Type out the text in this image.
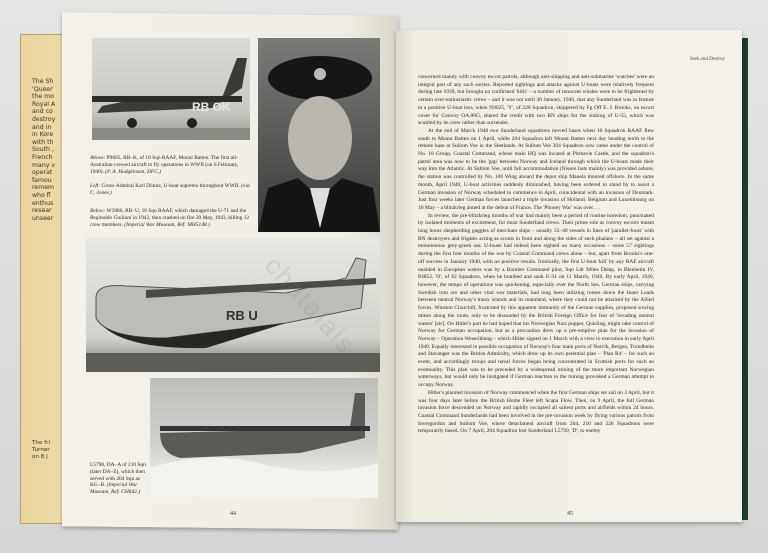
The Sh
'Queer
the mo
Royal A
and co
destroy
and in
in Kore
with th
South ,
French
many v
operat
famou
remem
who fl
enthus
resear
unseer
The fri
Turner
on 8 J
RB OK
Above: P9605, RB–K, of 10 Sqn RAAF, Mount Batten. The first all-Australian-crewed aircraft to fly operations in WWII (on 6 February, 1940). (F. A. Hodgkinson, DFC.)
Left: Gross-Admiral Karl Dönitz, U-boat supremo throughout WWII. (via C. Jones.)
Below: W3986, RB–U, 10 Sqn RAAF, which damaged the U-71 and the Reginaldo Guiliani in 1942, then crashed on fire 20 May, 1943, killing 12 crew members. (Imperial War Museum, Ref: MH5148.)
RB U
L5798, DA–A of 210 Sqn (later DA–Z), which then served with 204 Sqn as KG–B. (Imperial War Museum, Ref: CH842.)
44
Seek and Destroy

concerned mainly with convoy escort patrols, although anti-shipping and anti-submarine 'watches' were an integral part of any such sorties. Reported sightings and attacks against U-boats were relatively frequent during late 1939, but brought no confirmed 'kills' – a number of innocent whales were to be frightened by certain over-enthusiastic crews – and it was not until 30 January, 1940, that any Sunderland was to feature in a positive U-boat loss, when N9025, 'Y', of 228 Squadron, skippered by Fg Off E. J. Brooks, on escort cover for Convoy OA.80G, shared the credit with two RN ships for the sinking of U-55, which was scuttled by its crew rather than surrender.

At the end of March 1940 two Sunderland squadrons moved bases when 10 Squadron RAAF flew south to Mount Batten on 1 April, while 204 Squadron left Mount Batten next day heading north to the remote base at Sullom Voe in the Shetlands. At Sullom Voe 204 Squadron now came under the control of No. 18 Group, Coastal Command, whose main HQ was located at Pitreavie Castle, and the squadron's patrol area was now to be the 'gap' between Norway and Iceland through which the U-boats made their way into the Atlantic. At Sullom Voe, until full accommodation (Nissen huts mainly) was provided ashore, the station was controlled by No. 100 Wing aboard the depot ship Manela moored offshore. In the same month, April 1940, U-boat activities suddenly diminished, having been ordered to stand by to assist a German invasion of Norway scheduled to commence in April, coincidental with an invasion of Denmark. Just four weeks later German forces launched a triple invasion of Holland, Belgium and Luxembourg on 10 May – a blitzkrieg aimed at the defeat of France. The 'Phoney War' was over. . .

In review, the pre-blitzkrieg months of war had mainly been a period of routine boredom, punctuated by isolated moments of excitement, for most Sunderland crews. Their prime role as convoy escorts meant long hours shepherding gaggles of merchant ships – usually 35–40 vessels in lines of 'parallel-fours' with RN destroyers and frigates acting as scouts in front and along the sides of each phalanx – all set against a monotonous grey-green sea. U-boats had indeed been sighted on many occasions – some 57 sightings during the first four months of the war by Coastal Command crews alone – but, apart from Brooks's one-off success in January 1940, with no positive results. Ironically, the first U-boat 'kill' by any RAF aircraft unaided in European waters was by a Bomber Command pilot, Sqn Ldr Miles Delap, in Blenheim IV, P4852, 'O', of 82 Squadron, when he bombed and sank U-31 on 11 March, 1940. By early April, 1940, however, the tempo of operations was quickening, especially over the North Sea. German ships, carrying Swedish iron ore and other vital war materials, had long been utilizing routes down the Inner Leads between neutral Norway's many islands and its mainland, where they could not be attacked by the Allied forces. Winston Churchill, frustrated by this apparent immunity of the German supplies, proposed sowing mines along the route, only to be dissuaded by the British Foreign Office for fear of 'invading neutral waters' [sic]. On Hitler's part he had hoped that his Norwegian Nazi puppet, Quisling, might take control of Norway for German occupation, but as a precaution drew up a pre-emptive plan for the invasion of Norway – Operation Weserübung – which Hitler signed on 1 March with a view to execution in early April 1940. Equally interested in possible occupation of Norway's four main ports of Narvik, Bergen, Trondheim and Stavanger was the British Admiralty, which drew up its own potential plan – 'Plan R4' – for such an event, and accordingly troops and naval forces began being concentrated in Scottish ports for such an eventuality. This plan was to be preceded by a widespread mining of the more important Norwegian waterways, but would only be instigated if German reaction to the mining provoked a German attempt to occupy Norway.

Hitler's planned invasion of Norway commenced when the first German ships set sail on 3 April, but it was four days later before the British Home Fleet left Scapa Flow. Then, on 9 April, the full German invasion force descended on Norway and rapidly occupied all salient ports and airfields within 24 hours. Coastal Command Sunderlands had been involved in the pre-invasion week by flying various patrols from Invergordon and Sullom Voe, where detachment aircraft from 204, 210 and 228 Squadrons were temporarily based. On 7 April, 204 Squadron lost Sunderland L5799, 'D', to enemy

45
